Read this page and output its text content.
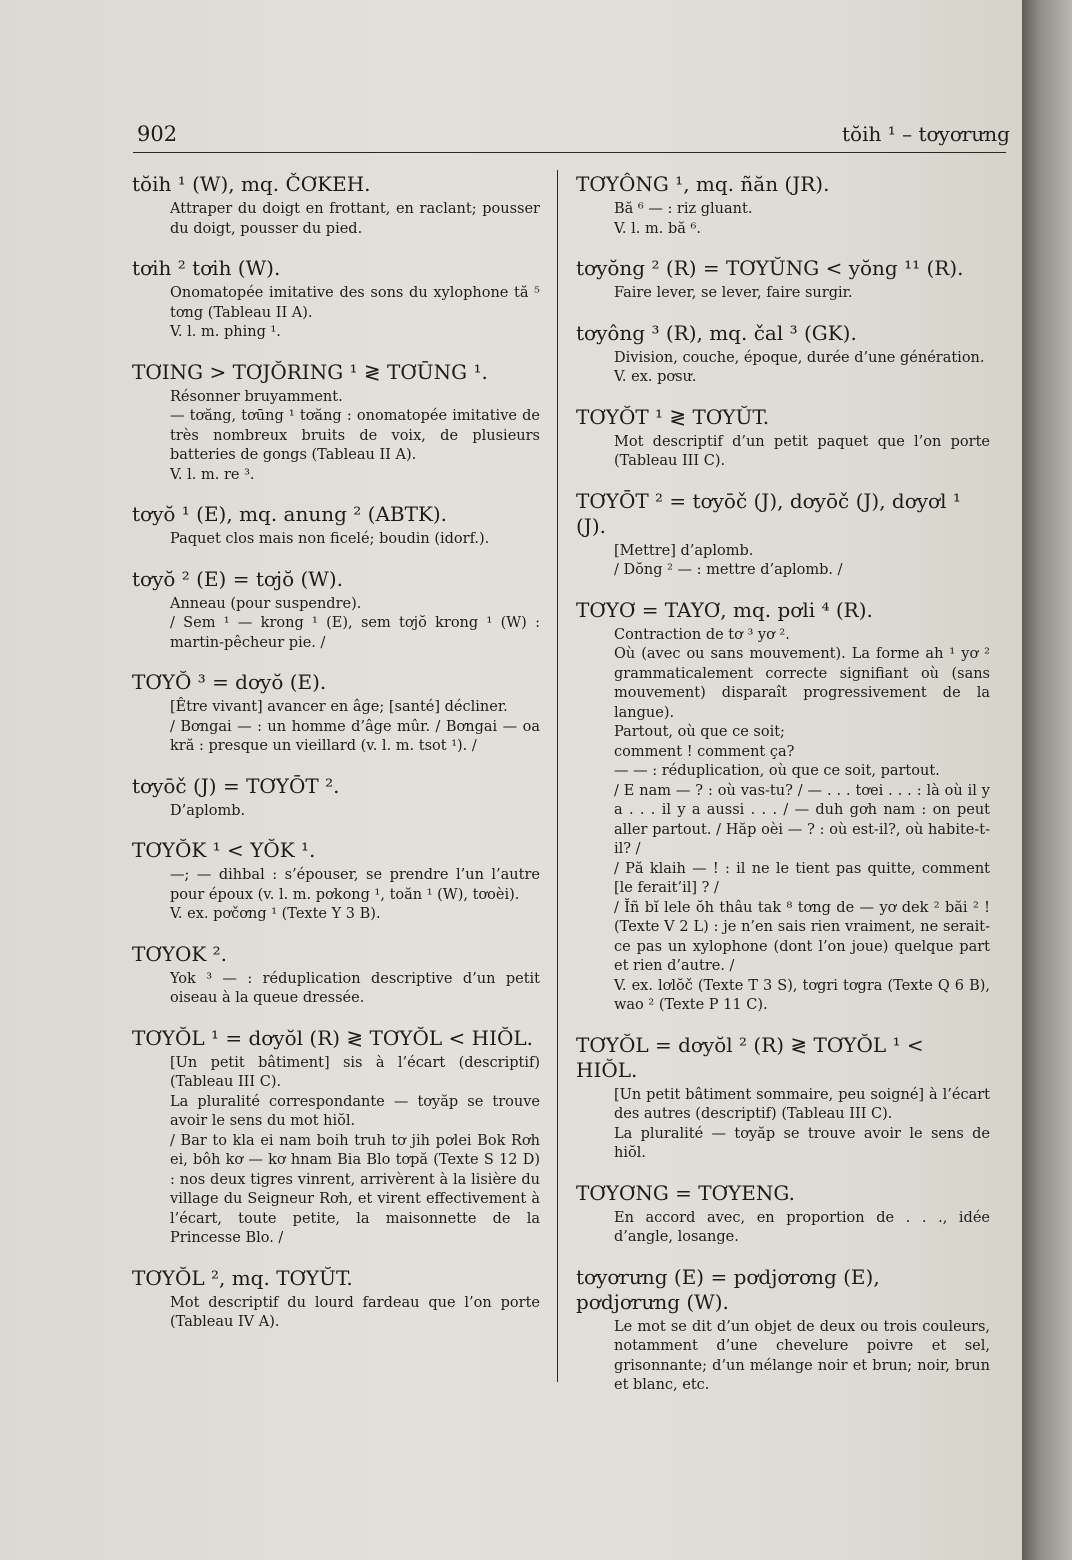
902	tŏih ¹ – tơyơrưng
tŏih ¹ (W), mq. ČƠKEH.

Attraper du doigt en frottant, en raclant; pousser du doigt, pousser du pied.

tơih ² tơih (W).

Onomatopée imitative des sons du xylophone tă ⁵ tơng (Tableau II A).

V. l. m. phing ¹.

TƠING > TƠJŎRING ¹ ≷ TƠŪNG ¹.

Résonner bruyamment.

— tơăng, tơūng ¹ tơăng : onomatopée imitative de très nombreux bruits de voix, de plusieurs batteries de gongs (Tableau II A).

V. l. m. re ³.

tơyŏ ¹ (E), mq. anung ² (ABTK).

Paquet clos mais non ficelé; boudin (idorf.).

tơyŏ ² (E) = tơjŏ (W).

Anneau (pour suspendre).

/ Sem ¹ — krong ¹ (E), sem tơjŏ krong ¹ (W) : martin-pêcheur pie. /

TƠYŎ ³ = dơyŏ (E).

[Être vivant] avancer en âge; [santé] décliner.

/ Bơngai — : un homme d’âge mûr. / Bơngai — oa kră : presque un vieillard (v. l. m. tsot ¹). /

tơyōč (J) = TƠYŌT ².

D’aplomb.

TƠYŎK ¹ < YŎK ¹.

—; — dihbal : s’épouser, se prendre l’un l’autre pour époux (v. l. m. pơkong ¹, toăn ¹ (W), tơoèi).

V. ex. pơčơng ¹ (Texte Y 3 B).

TƠYOK ².

Yok ³ — : réduplication descriptive d’un petit oiseau à la queue dressée.

TƠYŎL ¹ = dơyŏl (R) ≷ TƠYŎL < HIŎL.

[Un petit bâtiment] sis à l’écart (descriptif) (Tableau III C).

La pluralité correspondante — tơyăp se trouve avoir le sens du mot hiŏl.

/ Bar to kla ei nam boih truh tơ jih pơlei Bok Rơh ei, bôh kơ — kơ hnam Bia Blo tơpă (Texte S 12 D) : nos deux tigres vinrent, arrivèrent à la lisière du village du Seigneur Rơh, et virent effectivement à l’écart, toute petite, la maisonnette de la Princesse Blo. /

TƠYŎL ², mq. TƠYŬT.

Mot descriptif du lourd fardeau que l’on porte (Tableau IV A).

TƠYÔNG ¹, mq. ñăn (JR).

Bă ⁶ — : riz gluant.

V. l. m. bă ⁶.

tơyŏng ² (R) = TƠYŬNG < yŏng ¹¹ (R).

Faire lever, se lever, faire surgir.

tơyông ³ (R), mq. čal ³ (GK).

Division, couche, époque, durée d’une génération.

V. ex. pơsư.

TƠYŎT ¹ ≷ TƠYŬT.

Mot descriptif d’un petit paquet que l’on porte (Tableau III C).

TƠYŌT ² = tơyōč (J), dơyōč (J), dơyơl ¹ (J).

[Mettre] d’aplomb.

/ Dŏng ² — : mettre d’aplomb. /

TƠYƠ = TAYƠ, mq. pơli ⁴ (R).

Contraction de tơ ³ yơ ².

Où (avec ou sans mouvement). La forme ah ¹ yơ ² grammaticalement correcte signifiant où (sans mouvement) disparaît progressivement de la langue).

Partout, où que ce soit;

comment ! comment ça?

— — : réduplication, où que ce soit, partout.

/ E nam — ? : où vas-tu? / — . . . tơei . . . : là où il y a . . . il y a aussi . . . / — duh gơh nam : on peut aller partout. / Hăp oèi — ? : où est-il?, où habite-t-il? /

/ Pă klaih — ! : il ne le tient pas quitte, comment [le ferait’il] ? /

/ Ĭñ bĭ lele ŏh thâu tak ⁸ tơng de — yơ dek ² băi ² ! (Texte V 2 L) : je n’en sais rien vraiment, ne serait-ce pas un xylophone (dont l’on joue) quelque part et rien d’autre. /

V. ex. lơlŏč (Texte T 3 S), tơgri tơgra (Texte Q 6 B), wao ² (Texte P 11 C).

TƠYŎL = dơyŏl ² (R) ≷ TƠYŎL ¹ < HIŎL.

[Un petit bâtiment sommaire, peu soigné] à l’écart des autres (descriptif) (Tableau III C).

La pluralité — tơyăp se trouve avoir le sens de hiŏl.

TƠYƠNG = TƠYENG.

En accord avec, en proportion de . . ., idée d’angle, losange.

tơyơrưng (E) = pơdjơrơng (E), pơdjơrưng (W).

Le mot se dit d’un objet de deux ou trois couleurs, notamment d’une chevelure poivre et sel, grisonnante; d’un mélange noir et brun; noir, brun et blanc, etc.
